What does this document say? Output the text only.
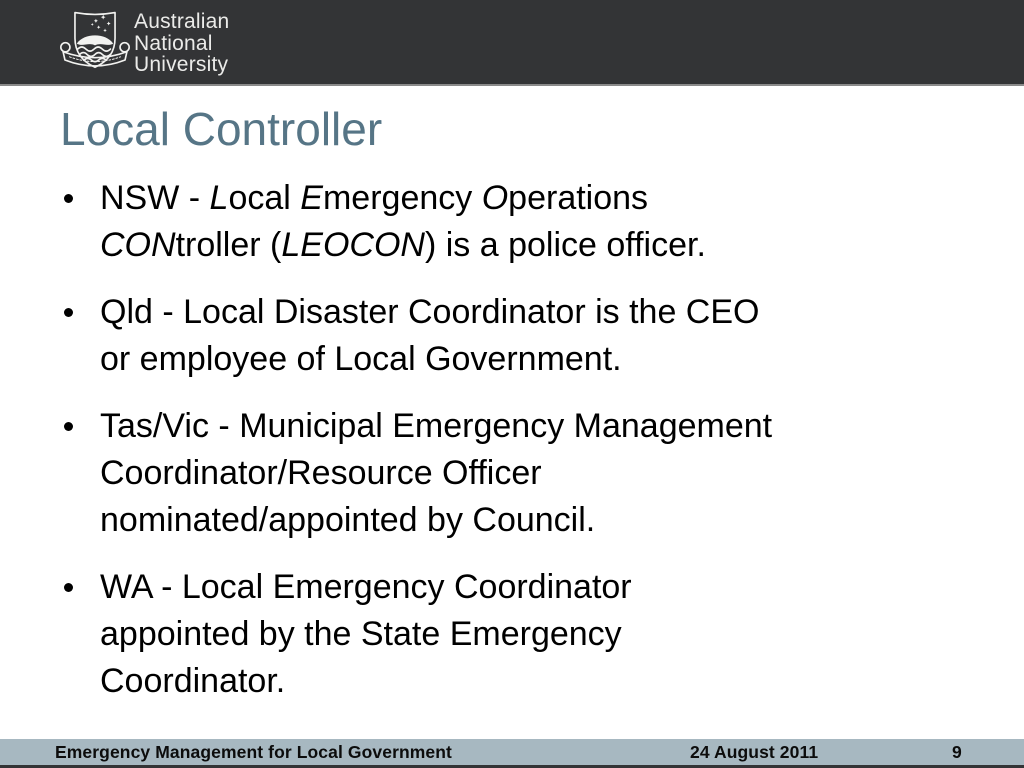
Australian
National
University
Local Controller
NSW - Local Emergency Operations
CONtroller (LEOCON) is a police officer.
Qld - Local Disaster Coordinator is the CEO
or employee of Local Government.
Tas/Vic - Municipal Emergency Management
Coordinator/Resource Officer
nominated/appointed by Council.
WA - Local Emergency Coordinator
appointed by the State Emergency
Coordinator.
Emergency Management for Local Government	24 August 2011	9
